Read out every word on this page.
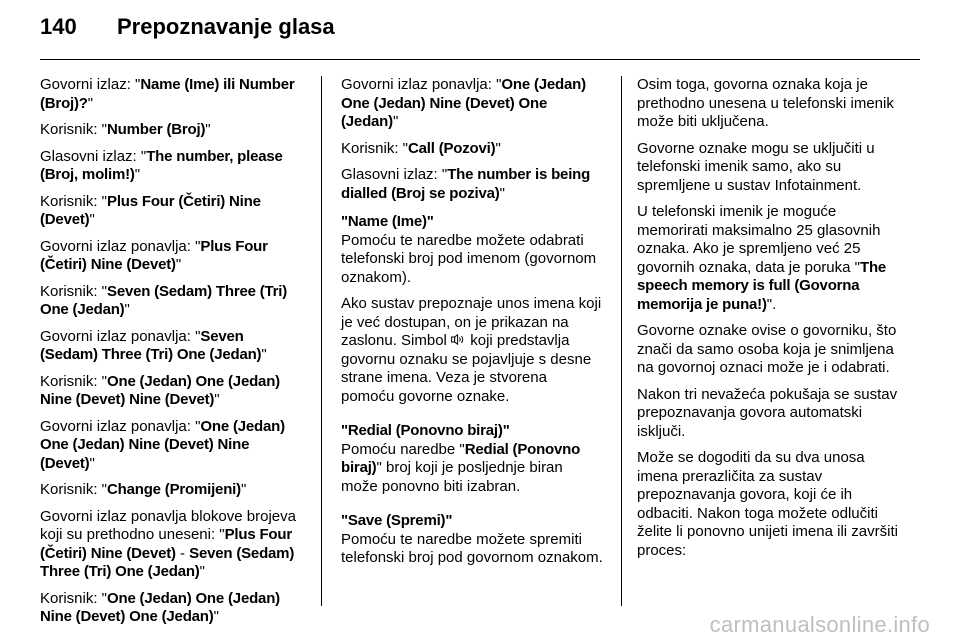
140	Prepoznavanje glasa

Govorni izlaz: "Name (Ime) ili Number (Broj)?"

Korisnik: "Number (Broj)"

Glasovni izlaz: "The number, please (Broj, molim!)"

Korisnik: "Plus Four (Četiri) Nine (Devet)"

Govorni izlaz ponavlja: "Plus Four (Četiri) Nine (Devet)"

Korisnik: "Seven (Sedam) Three (Tri) One (Jedan)"

Govorni izlaz ponavlja: "Seven (Sedam) Three (Tri) One (Jedan)"

Korisnik: "One (Jedan) One (Jedan) Nine (Devet) Nine (Devet)"

Govorni izlaz ponavlja: "One (Jedan) One (Jedan) Nine (Devet) Nine (Devet)"

Korisnik: "Change (Promijeni)"

Govorni izlaz ponavlja blokove brojeva koji su prethodno uneseni: "Plus Four (Četiri) Nine (Devet) - Seven (Sedam) Three (Tri) One (Jedan)"

Korisnik: "One (Jedan) One (Jedan) Nine (Devet) One (Jedan)"

Govorni izlaz ponavlja: "One (Jedan) One (Jedan) Nine (Devet) One (Jedan)"

Korisnik: "Call (Pozovi)"

Glasovni izlaz: "The number is being dialled (Broj se poziva)"

"Name (Ime)"
Pomoću te naredbe možete odabrati telefonski broj pod imenom (govornom oznakom).

Ako sustav prepoznaje unos imena koji je već dostupan, on je prikazan na zaslonu. Simbol  koji predstavlja govornu oznaku se pojavljuje s desne strane imena. Veza je stvorena pomoću govorne oznake.

"Redial (Ponovno biraj)"
Pomoću naredbe "Redial (Ponovno biraj)" broj koji je posljednje biran može ponovno biti izabran.

"Save (Spremi)"
Pomoću te naredbe možete spremiti telefonski broj pod govornom oznakom.

Osim toga, govorna oznaka koja je prethodno unesena u telefonski imenik može biti uključena.

Govorne oznake mogu se uključiti u telefonski imenik samo, ako su spremljene u sustav Infotainment.

U telefonski imenik je moguće memorirati maksimalno 25 glasovnih oznaka. Ako je spremljeno već 25 govornih oznaka, data je poruka "The speech memory is full (Govorna memorija je puna!)".

Govorne oznake ovise o govorniku, što znači da samo osoba koja je snimljena na govornoj oznaci može je i odabrati.

Nakon tri nevažeća pokušaja se sustav prepoznavanja govora automatski isključi.

Može se dogoditi da su dva unosa imena prerazličita za sustav prepoznavanja govora, koji će ih odbaciti. Nakon toga možete odlučiti želite li ponovno unijeti imena ili završiti proces:

carmanualsonline.info
